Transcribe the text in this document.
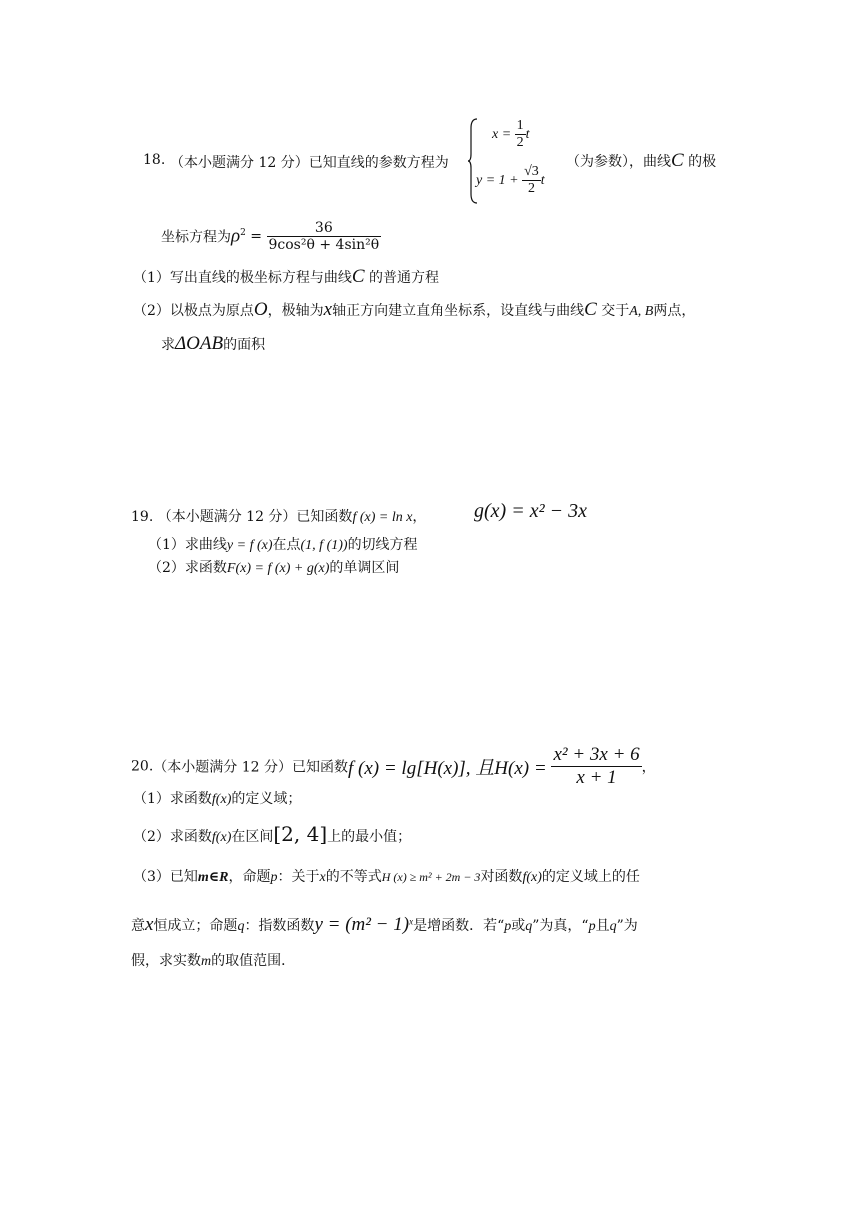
18. （本小题满分 12 分）已知直线的参数方程为
$x = \frac{1}{2}$ t
$y = 1 + \frac{√3}{2}$ t
（为参数），曲线C 的极
坐标方程为$\rho^2 = \frac{36}{\text{9cos²θ + 4sin²θ}}$
（1）写出直线的极坐标方程与曲线C 的普通方程
（2）以极点为原点O，极轴为x轴正方向建立直角坐标系，设直线与曲线C 交于A, B两点，
求ΔOAB的面积
19. （本小题满分 12 分）已知函数f (x) = ln x， g(x) = x² − 3x
（1）求曲线y = f (x)在点(1, f (1))的切线方程
（2）求函数F(x) = f (x) + g(x)的单调区间
20.（本小题满分 12 分）已知函数f (x) = lg[H(x)], 且$H(x) = \frac{\text{x² + 3x + 6}}{x + 1}$ ，
（1）求函数f(x)的定义域；
（2）求函数f(x)在区间[2, 4]上的最小值；
（3）已知m∈R，命题p：关于x的不等式H (x) ≥ m² + 2m − 3对函数f(x)的定义域上的任
意x恒成立；命题q：指数函数$y = (m^2 - 1)^x$是增函数．若“p或q”为真，“p且q”为
假，求实数m的取值范围．
